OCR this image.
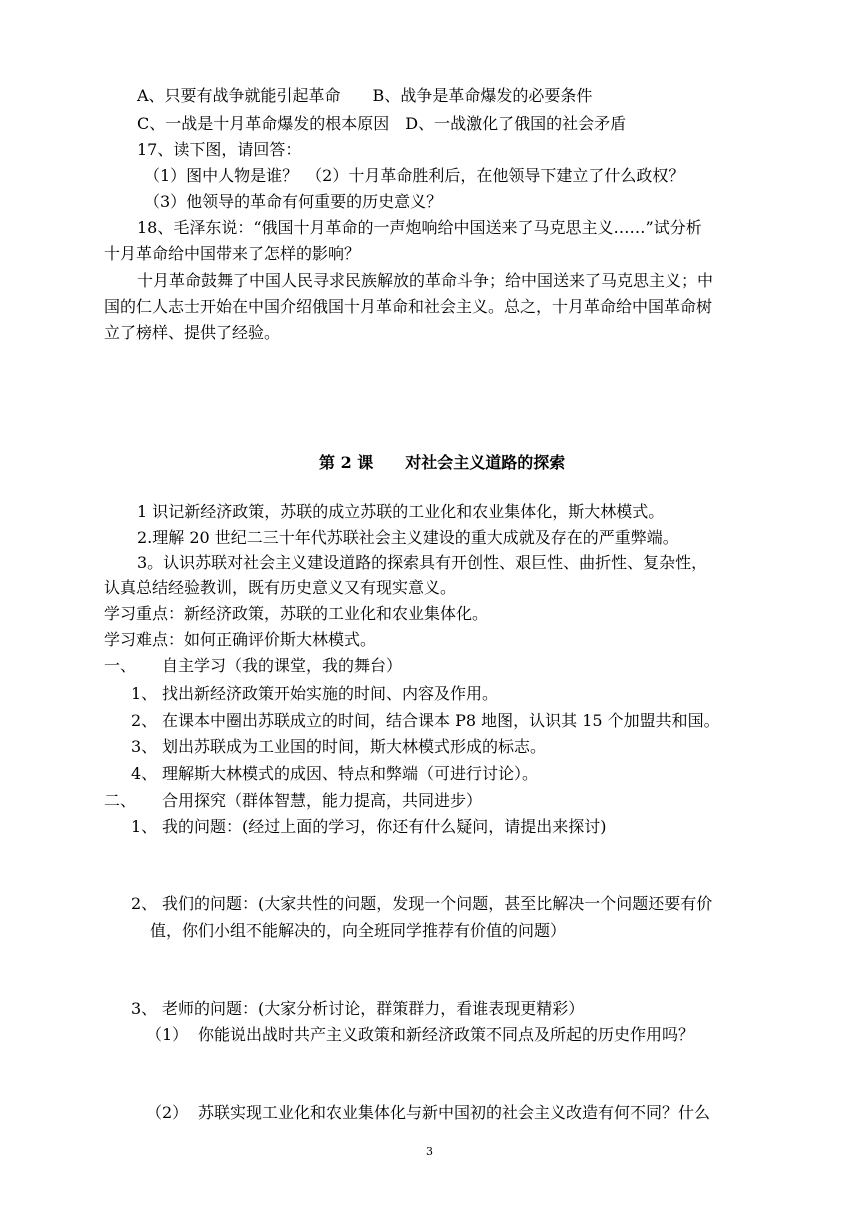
A、只要有战争就能引起革命　　B、战争是革命爆发的必要条件
C、一战是十月革命爆发的根本原因　D、一战激化了俄国的社会矛盾
17、读下图，请回答：
（1）图中人物是谁？　（2）十月革命胜利后，在他领导下建立了什么政权？
（3）他领导的革命有何重要的历史意义？
18、毛泽东说：“俄国十月革命的一声炮响给中国送来了马克思主义……”试分析
十月革命给中国带来了怎样的影响？
十月革命鼓舞了中国人民寻求民族解放的革命斗争；给中国送来了马克思主义；中
国的仁人志士开始在中国介绍俄国十月革命和社会主义。总之，十月革命给中国革命树
立了榜样、提供了经验。
第 2 课　　对社会主义道路的探索
1 识记新经济政策，苏联的成立苏联的工业化和农业集体化，斯大林模式。
2.理解 20 世纪二三十年代苏联社会主义建设的重大成就及存在的严重弊端。
3。认识苏联对社会主义建设道路的探索具有开创性、艰巨性、曲折性、复杂性，
认真总结经验教训，既有历史意义又有现实意义。
学习重点：新经济政策，苏联的工业化和农业集体化。
学习难点：如何正确评价斯大林模式。
一、 自主学习（我的课堂，我的舞台）
1、 找出新经济政策开始实施的时间、内容及作用。
2、 在课本中圈出苏联成立的时间，结合课本 P8 地图，认识其 15 个加盟共和国。
3、 划出苏联成为工业国的时间，斯大林模式形成的标志。
4、 理解斯大林模式的成因、特点和弊端（可进行讨论）。
二、 合用探究（群体智慧，能力提高，共同进步）
1、 我的问题：(经过上面的学习，你还有什么疑问，请提出来探讨)
2、 我们的问题：(大家共性的问题，发现一个问题，甚至比解决一个问题还要有价
值，你们小组不能解决的，向全班同学推荐有价值的问题）
3、 老师的问题：(大家分析讨论，群策群力，看谁表现更精彩）
（1） 你能说出战时共产主义政策和新经济政策不同点及所起的历史作用吗？
（2） 苏联实现工业化和农业集体化与新中国初的社会主义改造有何不同？什么
3
